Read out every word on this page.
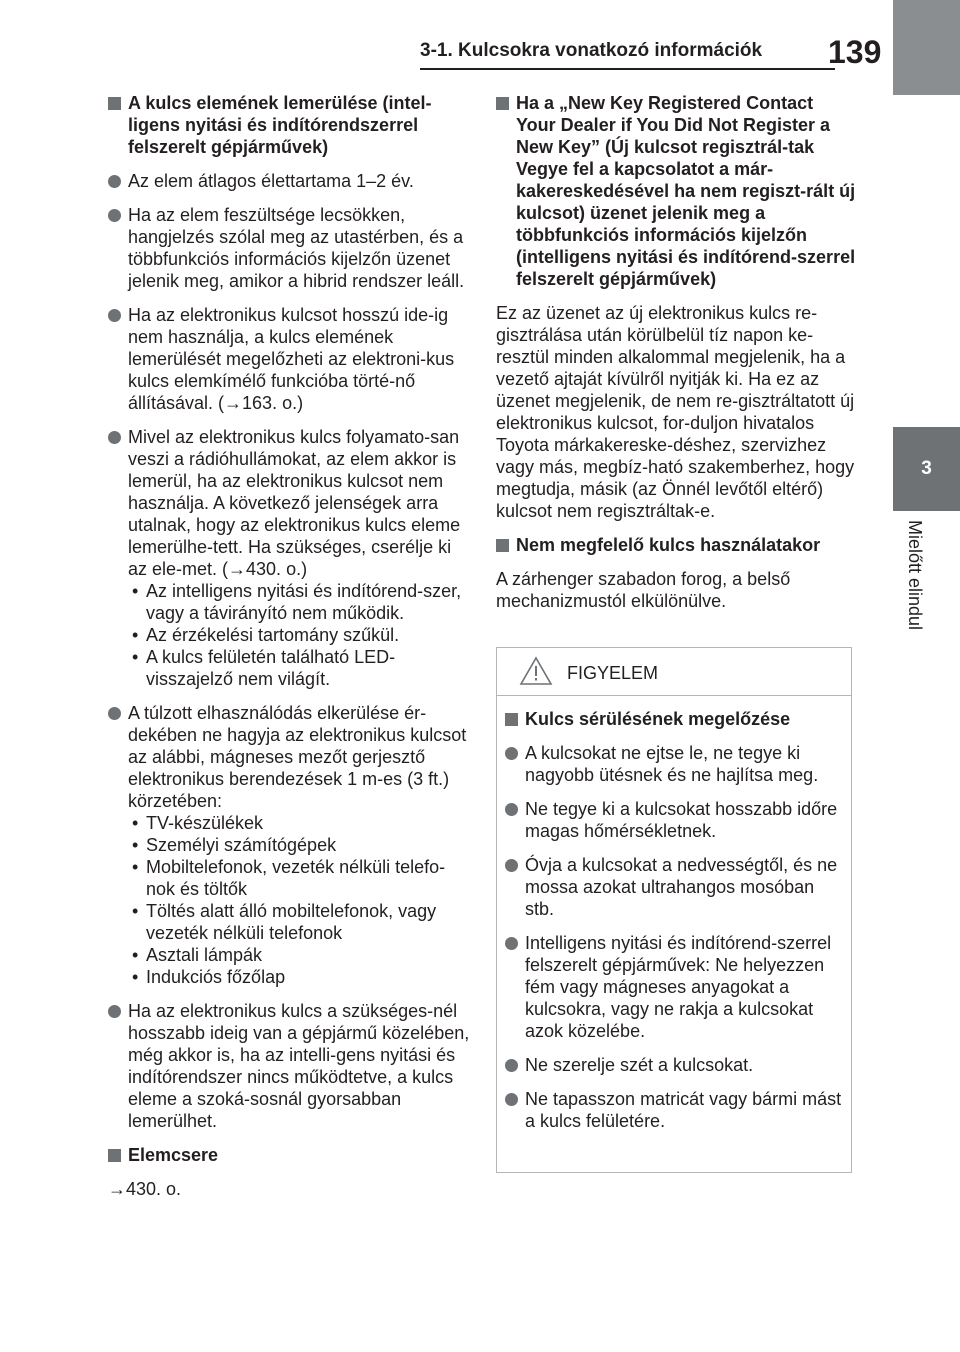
3-1. Kulcsokra vonatkozó információk 139
3
Mielőtt elindul
A kulcs elemének lemerülése (intel-ligens nyitási és indítórendszerrel felszerelt gépjárművek)
Az elem átlagos élettartama 1–2 év.
Ha az elem feszültsége lecsökken, hangjelzés szólal meg az utastérben, és a többfunkciós információs kijelzőn üzenet jelenik meg, amikor a hibrid rendszer leáll.
Ha az elektronikus kulcsot hosszú ide-ig nem használja, a kulcs elemének lemerülését megelőzheti az elektroni-kus kulcs elemkímélő funkcióba törté-nő állításával. (→163. o.)
Mivel az elektronikus kulcs folyamato-san veszi a rádióhullámokat, az elem akkor is lemerül, ha az elektronikus kulcsot nem használja. A következő jelenségek arra utalnak, hogy az elektronikus kulcs eleme lemerülhe-tett. Ha szükséges, cserélje ki az ele-met. (→430. o.)
• Az intelligens nyitási és indítórend-szer, vagy a távirányító nem működik.
• Az érzékelési tartomány szűkül.
• A kulcs felületén található LED-visszajelző nem világít.
A túlzott elhasználódás elkerülése ér-dekében ne hagyja az elektronikus kulcsot az alábbi, mágneses mezőt gerjesztő elektronikus berendezések 1 m-es (3 ft.) körzetében:
• TV-készülékek
• Személyi számítógépek
• Mobiltelefonok, vezeték nélküli telefo-nok és töltők
• Töltés alatt álló mobiltelefonok, vagy vezeték nélküli telefonok
• Asztali lámpák
• Indukciós főzőlap
Ha az elektronikus kulcs a szükséges-nél hosszabb ideig van a gépjármű közelében, még akkor is, ha az intelli-gens nyitási és indítórendszer nincs működtetve, a kulcs eleme a szoká-sosnál gyorsabban lemerülhet.
Elemcsere
→430. o.
Ha a „New Key Registered Contact Your Dealer if You Did Not Register a New Key” (Új kulcsot regisztrál-tak Vegye fel a kapcsolatot a már-kakereskedésével ha nem regiszt-rált új kulcsot) üzenet jelenik meg a többfunkciós információs kijelzőn (intelligens nyitási és indítórend-szerrel felszerelt gépjárművek)
Ez az üzenet az új elektronikus kulcs re-gisztrálása után körülbelül tíz napon ke-resztül minden alkalommal megjelenik, ha a vezető ajtaját kívülről nyitják ki. Ha ez az üzenet megjelenik, de nem re-gisztráltatott új elektronikus kulcsot, for-duljon hivatalos Toyota márkakereske-déshez, szervizhez vagy más, megbíz-ható szakemberhez, hogy megtudja, másik (az Önnél levőtől eltérő) kulcsot nem regisztráltak-e.
Nem megfelelő kulcs használatakor
A zárhenger szabadon forog, a belső mechanizmustól elkülönülve.
FIGYELEM
Kulcs sérülésének megelőzése
A kulcsokat ne ejtse le, ne tegye ki nagyobb ütésnek és ne hajlítsa meg.
Ne tegye ki a kulcsokat hosszabb időre magas hőmérsékletnek.
Óvja a kulcsokat a nedvességtől, és ne mossa azokat ultrahangos mosóban stb.
Intelligens nyitási és indítórend-szerrel felszerelt gépjárművek: Ne helyezzen fém vagy mágneses anyagokat a kulcsokra, vagy ne rakja a kulcsokat azok közelébe.
Ne szerelje szét a kulcsokat.
Ne tapasszon matricát vagy bármi mást a kulcs felületére.
